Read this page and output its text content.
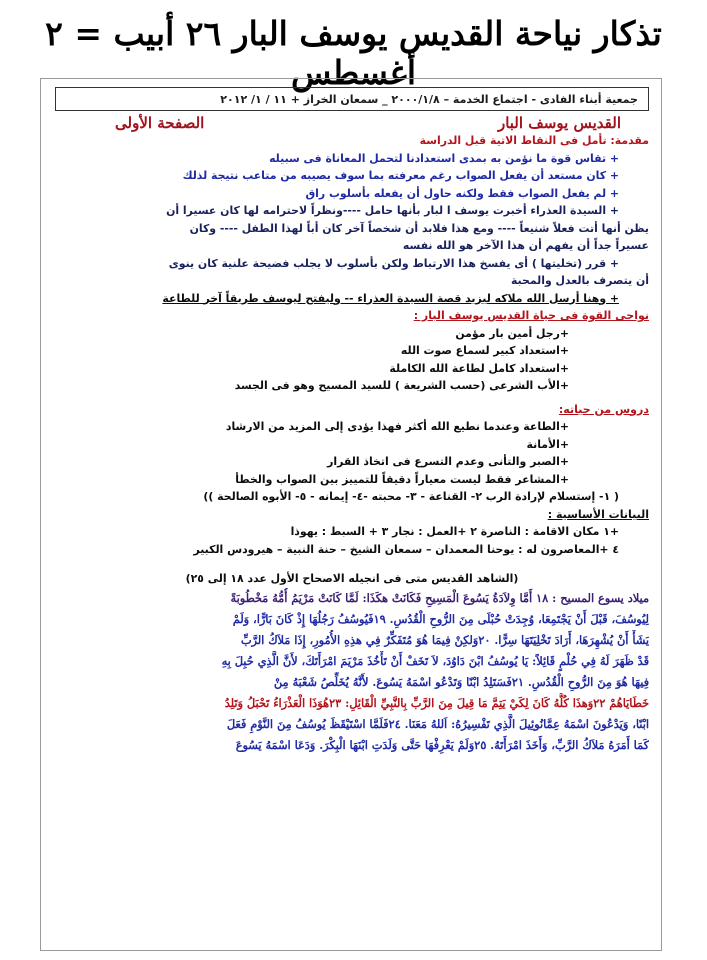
تذكار نياحة القديس يوسف البار ٢٦ أبيب = ٢ أغسطس
جمعية أبناء الفادى - اجتماع الخدمة – ٢٠٠٠/١/٨ _ سمعان الخراز + ١١ / ١/ ٢٠١٢
القديس يوسف البار
الصفحة الأولى
مقدمة: تأمل فى النقاط الاتية قبل الدراسة
+ تقاس قوة ما نؤمن به بمدى استعدادنا لتحمل المعاناة فى سبيله
+ كان مستعد أن يفعل الصواب رغم معرفته بما سوف يصيبه من متاعب نتيجة لذلك
+ لم يفعل الصواب فقط ولكنه حاول أن يفعله بأسلوب راق
+ السيدة العذراء أخبرت يوسف ا لبار بأنها حامل ----ونظراً لاحترامه لها كان عسيرا أن
يظن أنها أتت فعلاً شنيعاً ---- ومع هذا فلابد أن شخصاً آخر كان أباً لهذا الطفل ---- وكان
عسيراً جداً أن يفهم أن هذا الآخر هو الله نفسه
+ قرر (تخليتها ) أى يفسخ هذا الارتباط ولكن بأسلوب لا يجلب فضيحة علنية كان ينوى
أن يتصرف بالعدل والمحبة
+ وهنا أرسل الله ملاكه ليزيد قصة السيدة العذراء -- وليفتح ليوسف طريقاً آخر للطاعة
نواحى القوة فى حياة القديس يوسف البار :
+رجل أمين بار مؤمن
+استعداد كبير لسماع صوت الله
+استعداد كامل لطاعة الله الكاملة
+الأب الشرعى (حسب الشريعة ) للسيد المسيح وهو فى الجسد
دروس من حياته:
+الطاعة وعندما نطيع الله أكثر فهذا يؤدى إلى المزيد من الارشاد
+الأمانة
+الصبر والتأنى وعدم التسرع فى اتخاذ القرار
+المشاعر فقط ليست معياراً دقيقاً للتمييز بين الصواب والخطأ
( ١- إستسلام لإرادة الرب ٢- القناعة - ٣- محبته -٤- إيمانه - ٥- الأبوه الصالحة ))
البيانات الأساسية :
+١ مكان الاقامة : الناصرة ٢ +العمل : نجار ٣ + السبط : يهوذا
٤ +المعاصرون له : يوحنا المعمدان – سمعان الشيخ – حنة النبية – هيرودس الكبير
(الشاهد القديس متى فى انجيله الاصحاح الأول عدد ١٨ إلى ٢٥)
ميلاد يسوع المسيح : ١٨ أَمَّا وِلاَدَةُ يَسُوعَ الْمَسِيحِ فَكَانَتْ هكَذَا: لَمَّا كَانَتْ مَرْيَمُ أُمُّهُ مَخْطُوبَةً
لِيُوسُفَ، قَبْلَ أَنْ يَجْتَمِعَا، وُجِدَتْ حُبْلَى مِنَ الرُّوحِ الْقُدُسِ. ١٩فَيُوسُفُ رَجُلُهَا إِذْ كَانَ بَارًّا، وَلَمْ
يَشَأْ أَنْ يُشْهِرَهَا، أَرَادَ تَخْلِيَتَهَا سِرًّا. ٢٠وَلكِنْ فِيمَا هُوَ مُتَفَكِّرٌ فِي هذِهِ الأُمُورِ، إِذَا مَلاَكُ الرَّبِّ
قَدْ ظَهَرَ لَهُ فِي حُلْمٍ قَائِلاً: يَا يُوسُفُ ابْنَ دَاوُدَ، لاَ تَخَفْ أَنْ تَأْخُذَ مَرْيَمَ امْرَأَتَكَ، لأَنَّ الَّذِي حُبِلَ بِهِ
فِيهَا هُوَ مِنَ الرُّوحِ الْقُدُسِ. ٢١فَسَتَلِدُ ابْنًا وَتَدْعُو اسْمَهُ يَسُوعَ. لأَنَّهُ يُخَلِّصُ شَعْبَهُ مِنْ
خَطَايَاهُمْ ٢٢وَهذَا كُلُّهُ كَانَ لِكَيْ يَتِمَّ مَا قِيلَ مِنَ الرَّبِّ بِالنَّبِيِّ الْقَائِلِ: ٢٣هُوَذَا الْعَذْرَاءُ تَحْبَلُ وَتَلِدُ
ابْنًا، وَيَدْعُونَ اسْمَهُ عِمَّانُوئِيلَ الَّذِي تَفْسِيرُهُ: اَللهُ مَعَنَا. ٢٤فَلَمَّا اسْتَيْقَظَ يُوسُفُ مِنَ النَّوْمِ فَعَلَ
كَمَا أَمَرَهُ مَلاَكُ الرَّبِّ، وَأَخَذَ امْرَأَتَهُ. ٢٥وَلَمْ يَعْرِفْهَا حَتَّى وَلَدَتِ ابْنَهَا الْبِكْرَ. وَدَعَا اسْمَهُ يَسُوعَ
